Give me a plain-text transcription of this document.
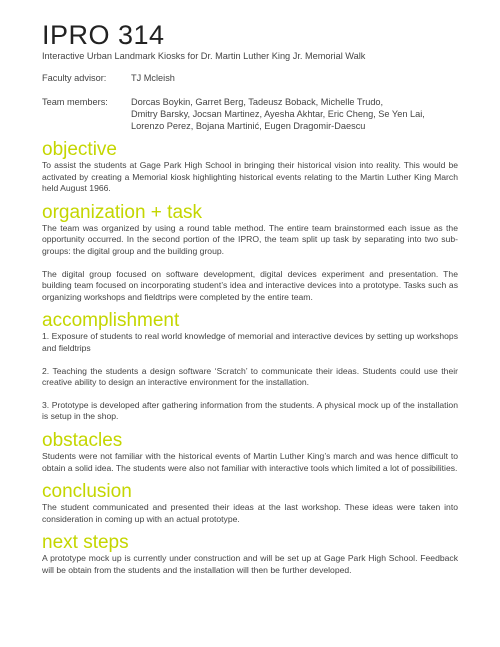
IPRO 314
Interactive Urban Landmark Kiosks for Dr. Martin Luther King Jr. Memorial Walk
Faculty advisor:	TJ Mcleish
Team members:	Dorcas Boykin, Garret Berg, Tadeusz Boback, Michelle Trudo,
Dmitry Barsky, Jocsan Martinez, Ayesha Akhtar, Eric Cheng, Se Yen Lai,
Lorenzo Perez, Bojana Martinić, Eugen Dragomir-Daescu
objective

To assist the students at Gage Park High School in bringing their historical vision into reality. This would be activated by creating a Memorial kiosk highlighting historical events relating to the Martin Luther King March held August 1966.

organization + task

The team was organized by using a round table method. The entire team brainstormed each issue as the opportunity occurred. In the second portion of the IPRO, the team split up task by separating into two sub-groups: the digital group and the building group.

The digital group focused on software development, digital devices experiment and presentation. The building team focused on incorporating student’s idea and interactive devices into a prototype. Tasks such as organizing workshops and fieldtrips were completed by the entire team.

accomplishment

1. Exposure of students to real world knowledge of memorial and interactive devices by setting up workshops and fieldtrips

2. Teaching the students a design software ‘Scratch’ to communicate their ideas. Students could use their creative ability to design an interactive environment for the installation.

3. Prototype is developed after gathering information from the students. A physical mock up of the installation is setup in the shop.

obstacles

Students were not familiar with the historical events of Martin Luther King’s march and was hence difficult to obtain a solid idea. The students were also not familiar with interactive tools which limited a lot of possibilities.

conclusion

The student communicated and presented their ideas at the last workshop. These ideas were taken into consideration in coming up with an actual prototype.

next steps

A prototype mock up is currently under construction and will be set up at Gage Park High School. Feedback will be obtain from the students and the installation will then be further developed.
